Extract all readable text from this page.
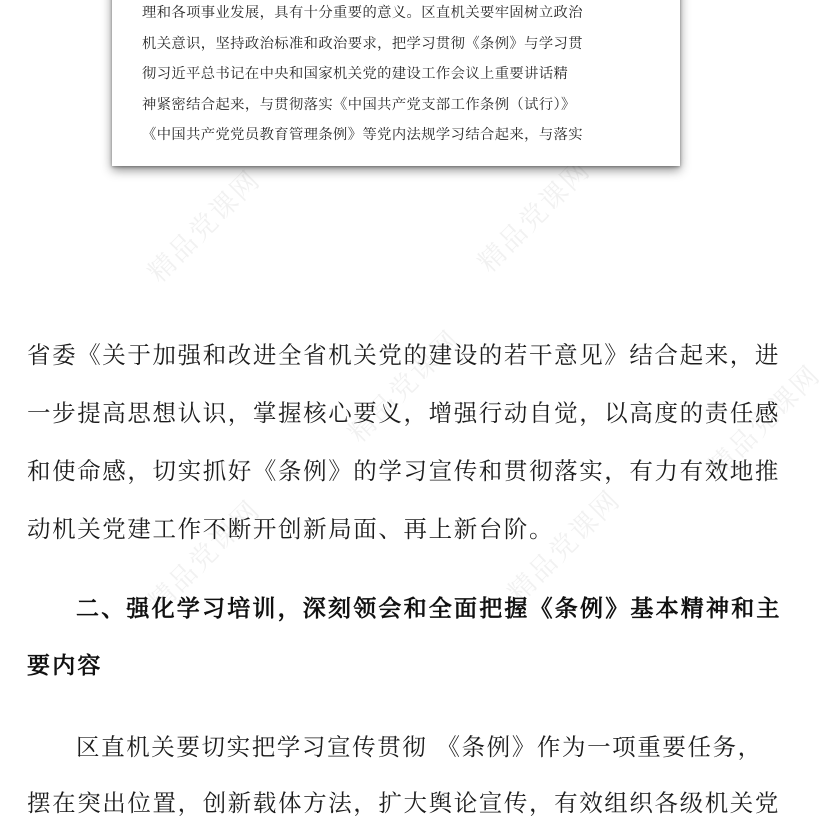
精品党课网	精品党课网
精品党课网
精品党课网	精品党课网
精品党课网
理和各项事业发展，具有十分重要的意义。区直机关要牢固树立政治
机关意识，坚持政治标准和政治要求，把学习贯彻《条例》与学习贯
彻习近平总书记在中央和国家机关党的建设工作会议上重要讲话精
神紧密结合起来，与贯彻落实《中国共产党支部工作条例（试行）》
《中国共产党党员教育管理条例》等党内法规学习结合起来，与落实
省委《关于加强和改进全省机关党的建设的若干意见》结合起来，进
一步提高思想认识，掌握核心要义，增强行动自觉，以高度的责任感
和使命感，切实抓好《条例》的学习宣传和贯彻落实，有力有效地推
动机关党建工作不断开创新局面、再上新台阶。
二、强化学习培训，深刻领会和全面把握《条例》基本精神和主
要内容
区直机关要切实把学习宣传贯彻 《条例》作为一项重要任务，
摆在突出位置，创新载体方法，扩大舆论宣传，有效组织各级机关党
